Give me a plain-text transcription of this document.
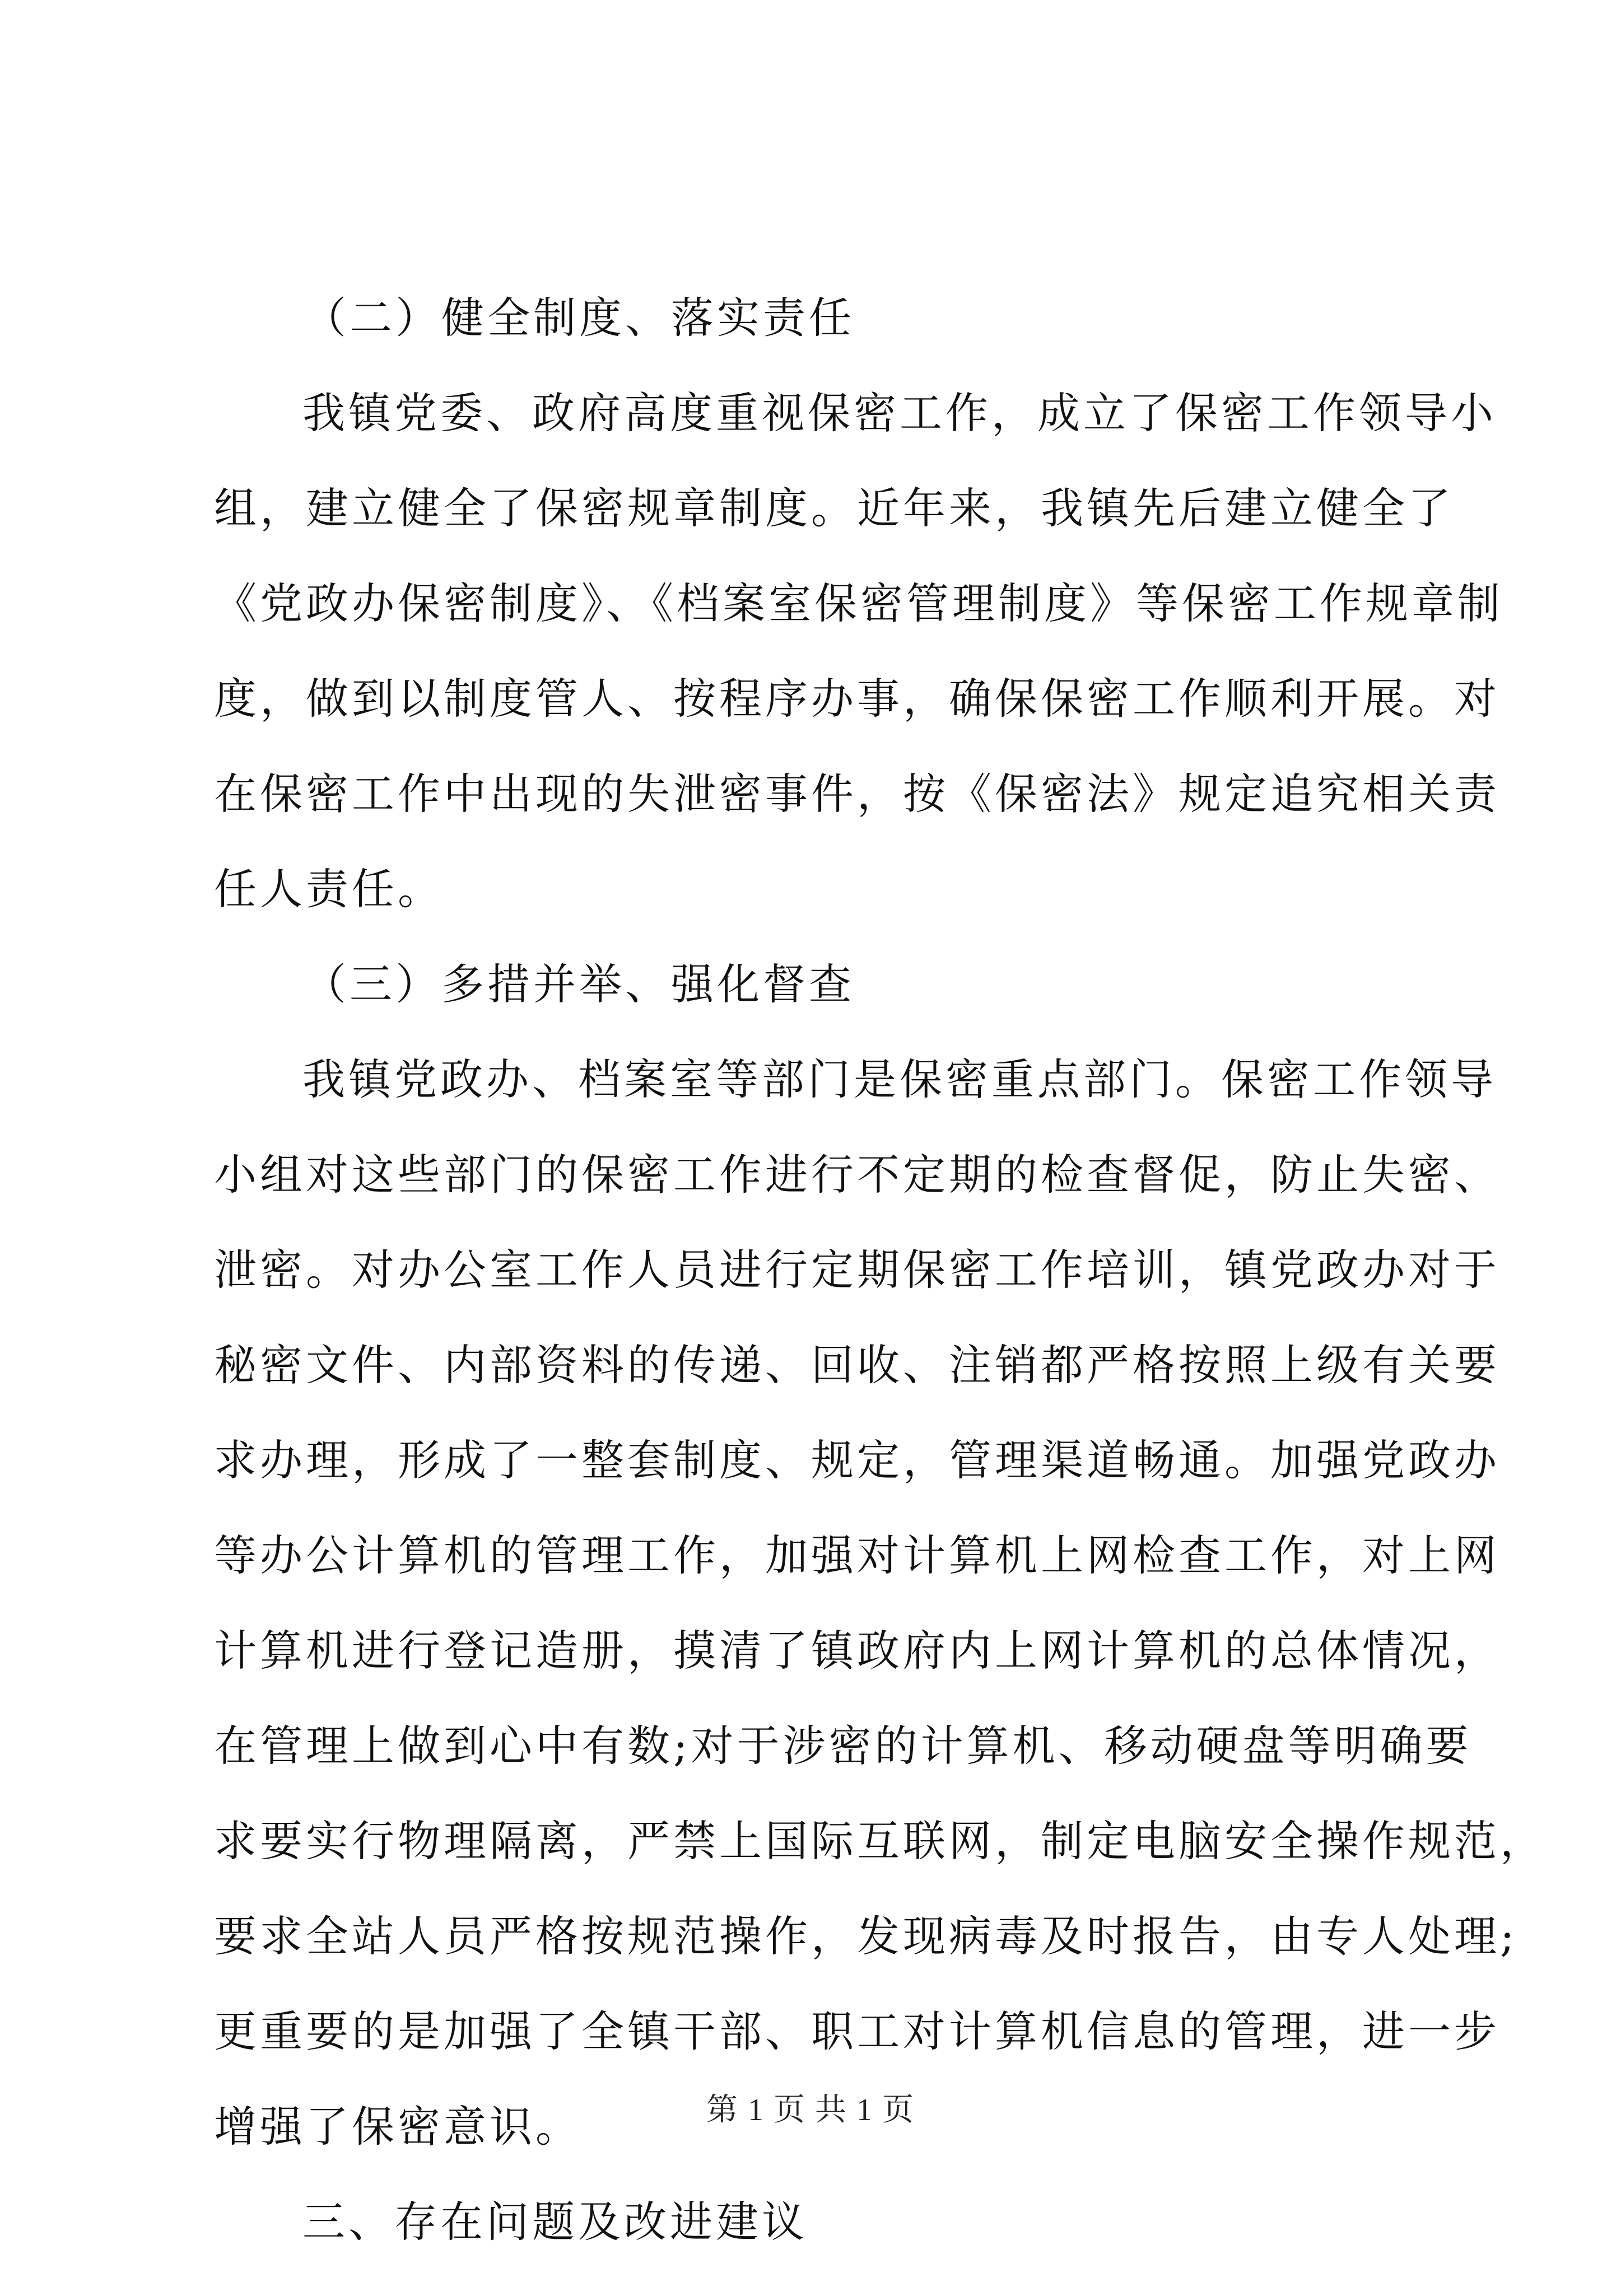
（二）健全制度、落实责任
我镇党委、政府高度重视保密工作，成立了保密工作领导小
组，建立健全了保密规章制度。近年来，我镇先后建立健全了
《党政办保密制度》、《档案室保密管理制度》等保密工作规章制
度，做到以制度管人、按程序办事，确保保密工作顺利开展。对
在保密工作中出现的失泄密事件，按《保密法》规定追究相关责
任人责任。
（三）多措并举、强化督查
我镇党政办、档案室等部门是保密重点部门。保密工作领导
小组对这些部门的保密工作进行不定期的检查督促，防止失密、
泄密。对办公室工作人员进行定期保密工作培训，镇党政办对于
秘密文件、内部资料的传递、回收、注销都严格按照上级有关要
求办理，形成了一整套制度、规定，管理渠道畅通。加强党政办
等办公计算机的管理工作，加强对计算机上网检查工作，对上网
计算机进行登记造册，摸清了镇政府内上网计算机的总体情况，
在管理上做到心中有数;对于涉密的计算机、移动硬盘等明确要
求要实行物理隔离，严禁上国际互联网，制定电脑安全操作规范，
要求全站人员严格按规范操作，发现病毒及时报告，由专人处理;
更重要的是加强了全镇干部、职工对计算机信息的管理，进一步
增强了保密意识。
三、存在问题及改进建议
第 1 页 共 1 页
